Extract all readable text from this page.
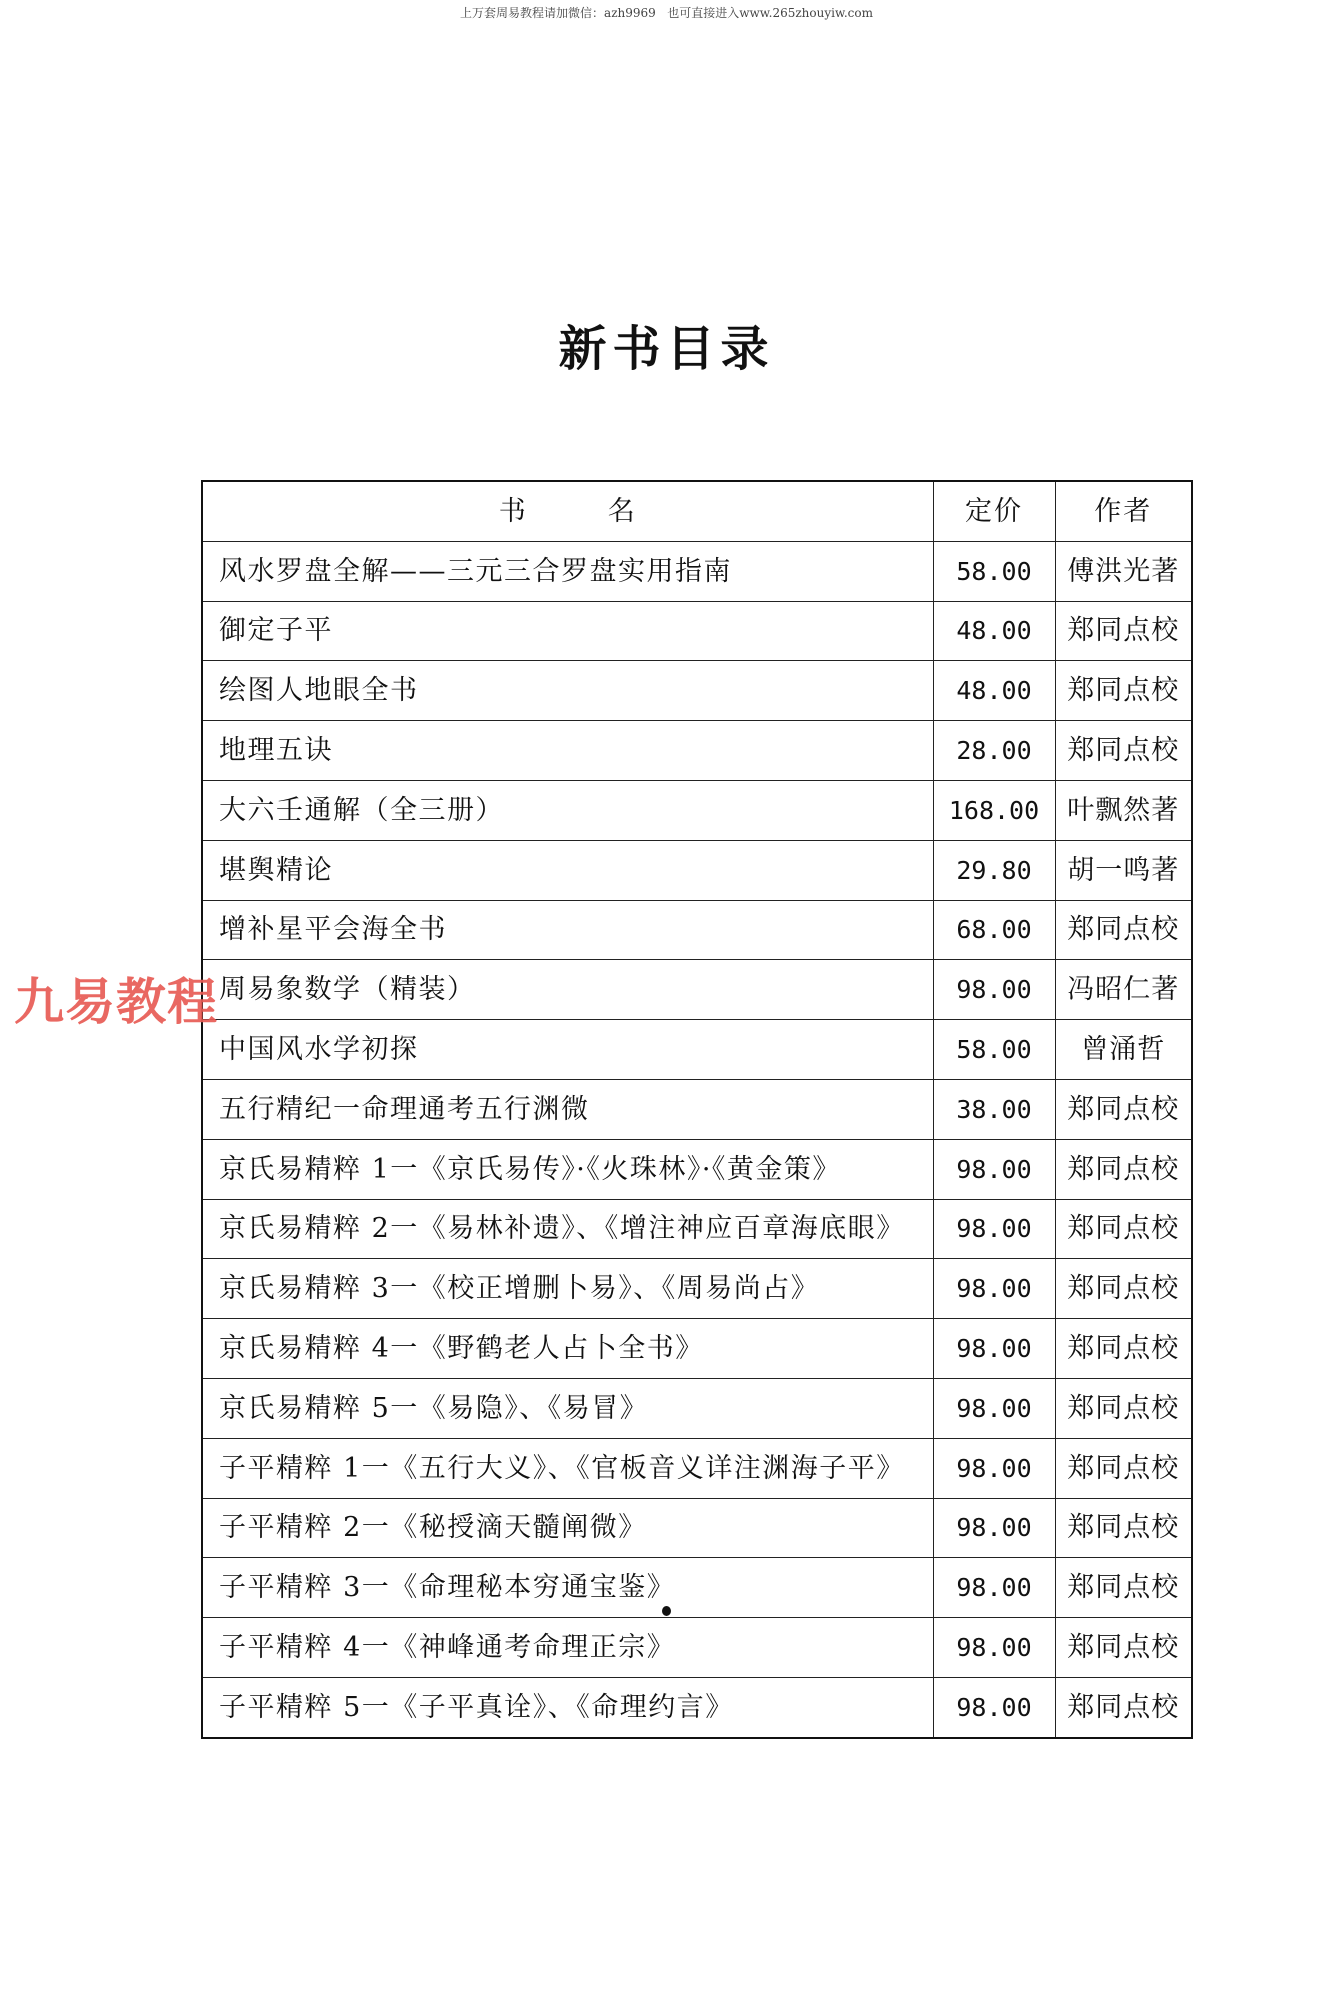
上万套周易教程请加微信：azh9969   也可直接进入www.265zhouyiw.com
新书目录
书 名	定价	作者
风水罗盘全解——三元三合罗盘实用指南	58.00	傅洪光著
御定子平	48.00	郑同点校
绘图人地眼全书	48.00	郑同点校
地理五诀	28.00	郑同点校
大六壬通解（全三册）	168.00	叶飘然著
堪舆精论	29.80	胡一鸣著
增补星平会海全书	68.00	郑同点校
周易象数学（精装）	98.00	冯昭仁著
中国风水学初探	58.00	曾涌哲
五行精纪一命理通考五行渊微	38.00	郑同点校
京氏易精粹 1一《京氏易传》·《火珠林》·《黄金策》	98.00	郑同点校
京氏易精粹 2一《易林补遗》、《增注神应百章海底眼》	98.00	郑同点校
京氏易精粹 3一《校正增删卜易》、《周易尚占》	98.00	郑同点校
京氏易精粹 4一《野鹤老人占卜全书》	98.00	郑同点校
京氏易精粹 5一《易隐》、《易冒》	98.00	郑同点校
子平精粹 1一《五行大义》、《官板音义详注渊海子平》	98.00	郑同点校
子平精粹 2一《秘授滴天髓阐微》	98.00	郑同点校
子平精粹 3一《命理秘本穷通宝鉴》	98.00	郑同点校
子平精粹 4一《神峰通考命理正宗》	98.00	郑同点校
子平精粹 5一《子平真诠》、《命理约言》	98.00	郑同点校
九易教程
